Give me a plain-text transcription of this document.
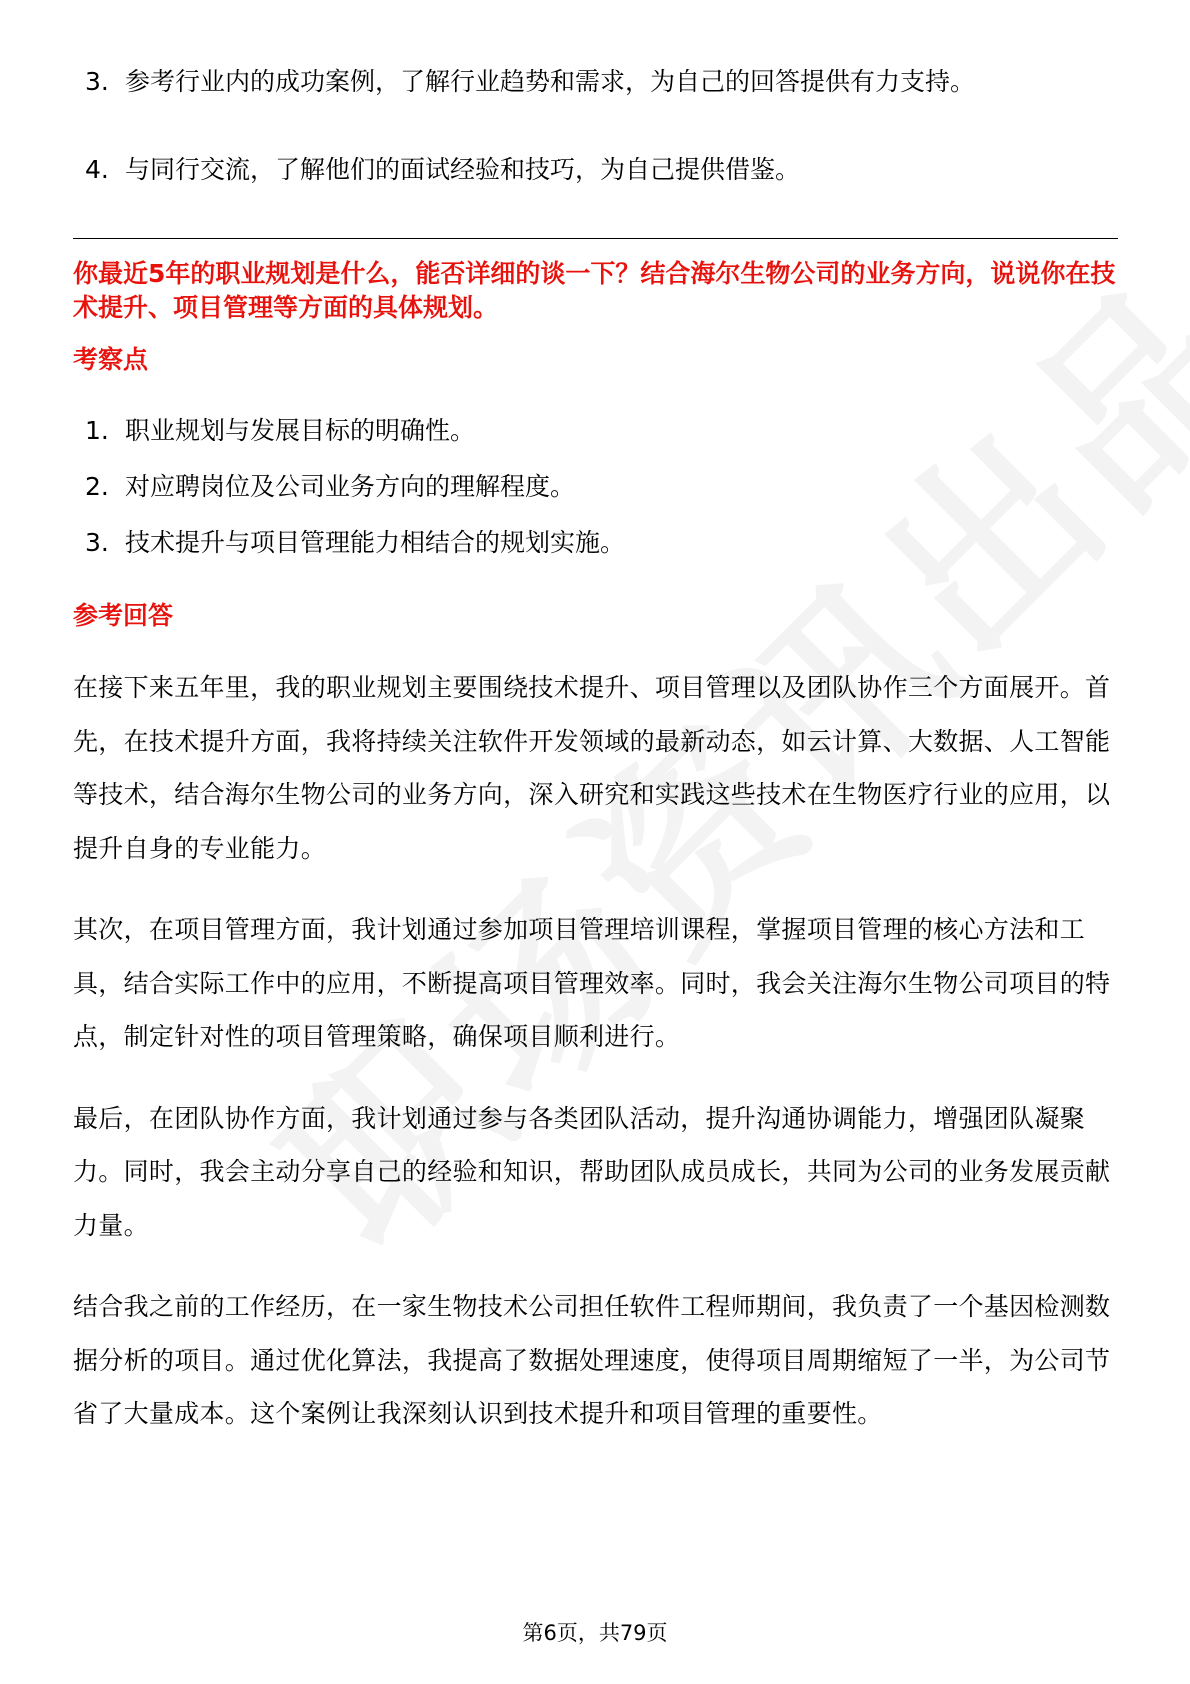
3. 参考行业内的成功案例，了解行业趋势和需求，为自己的回答提供有力支持。
4. 与同行交流，了解他们的面试经验和技巧，为自己提供借鉴。
你最近5年的职业规划是什么，能否详细的谈一下？结合海尔生物公司的业务方向，说说你在技术提升、项目管理等方面的具体规划。
考察点
1. 职业规划与发展目标的明确性。
2. 对应聘岗位及公司业务方向的理解程度。
3. 技术提升与项目管理能力相结合的规划实施。
参考回答

在接下来五年里，我的职业规划主要围绕技术提升、项目管理以及团队协作三个方面展开。首先，在技术提升方面，我将持续关注软件开发领域的最新动态，如云计算、大数据、人工智能等技术，结合海尔生物公司的业务方向，深入研究和实践这些技术在生物医疗行业的应用，以提升自身的专业能力。

其次，在项目管理方面，我计划通过参加项目管理培训课程，掌握项目管理的核心方法和工具，结合实际工作中的应用，不断提高项目管理效率。同时，我会关注海尔生物公司项目的特点，制定针对性的项目管理策略，确保项目顺利进行。

最后，在团队协作方面，我计划通过参与各类团队活动，提升沟通协调能力，增强团队凝聚力。同时，我会主动分享自己的经验和知识，帮助团队成员成长，共同为公司的业务发展贡献力量。

结合我之前的工作经历，在一家生物技术公司担任软件工程师期间，我负责了一个基因检测数据分析的项目。通过优化算法，我提高了数据处理速度，使得项目周期缩短了一半，为公司节省了大量成本。这个案例让我深刻认识到技术提升和项目管理的重要性。

第6页，共79页
